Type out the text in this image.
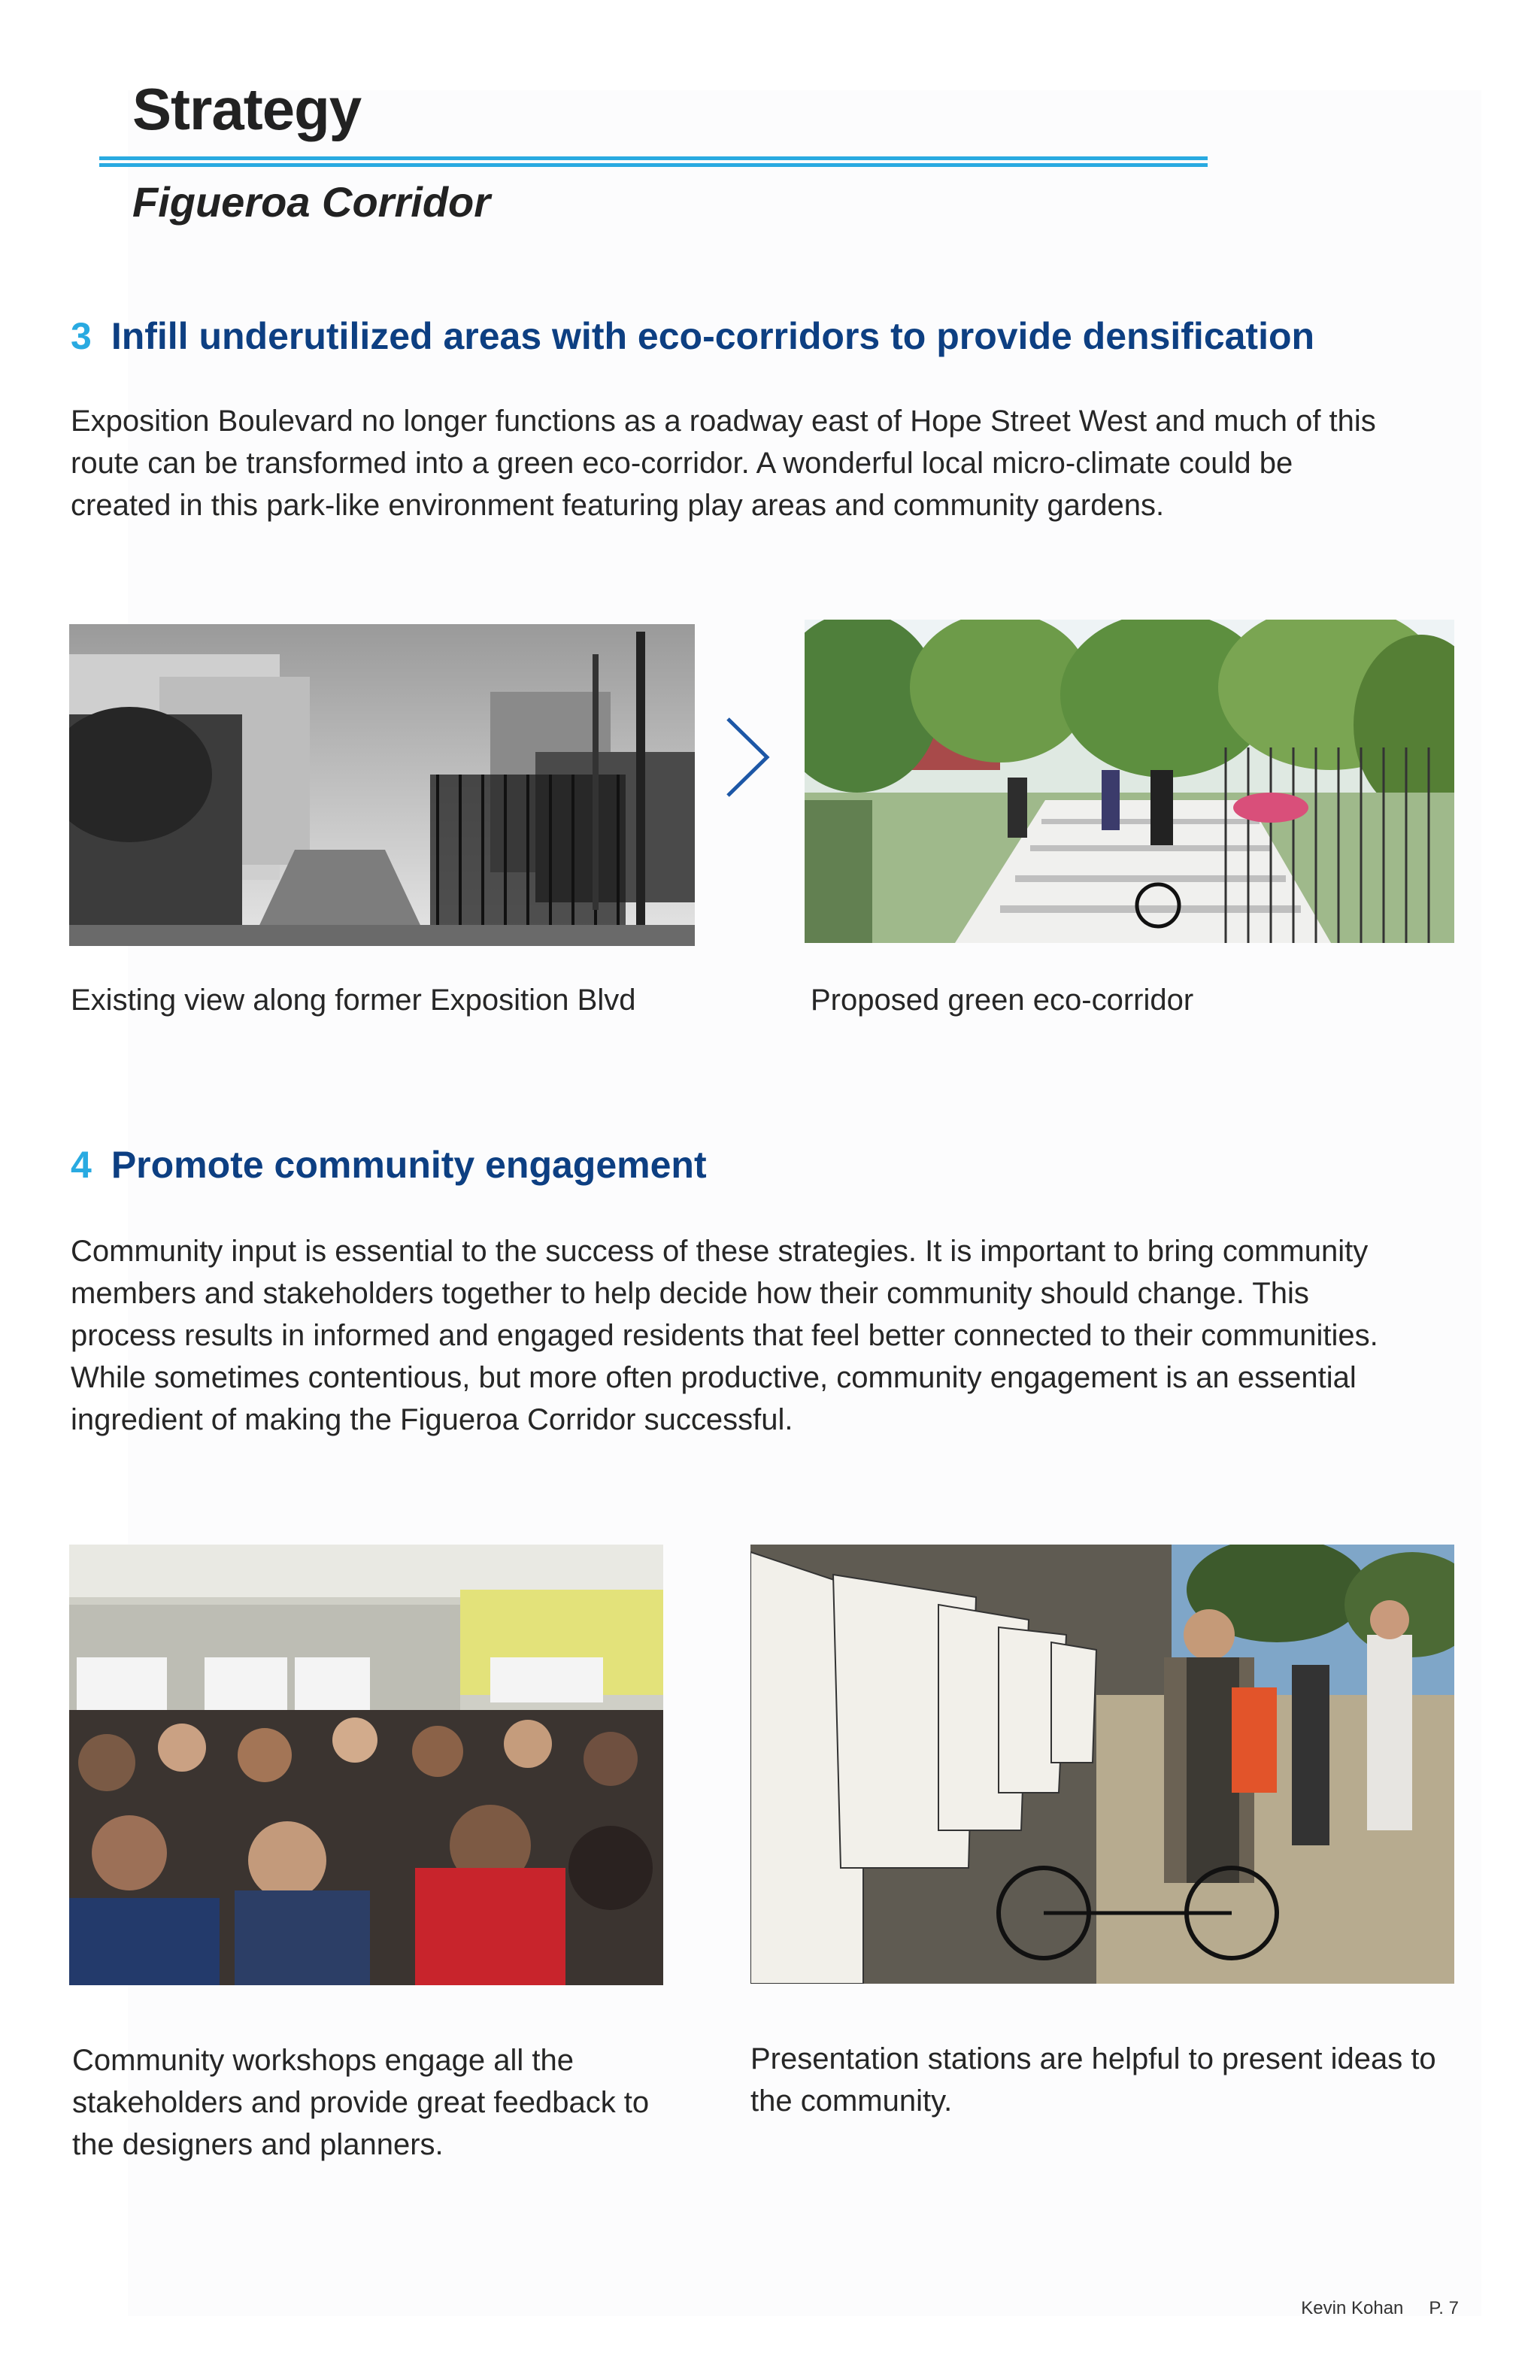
Strategy
Figueroa Corridor
3 Infill underutilized areas with eco-corridors to provide densification

Exposition Boulevard no longer functions as a roadway east of Hope Street West and much of this route can be transformed into a green eco-corridor. A wonderful local micro-climate could be created in this park-like environment featuring play areas and community gardens.

Existing view along former Exposition Blvd	Proposed green eco-corridor

4 Promote community engagement

Community input is essential to the success of these strategies. It is important to bring community members and stakeholders together to help decide how their community should change. This process results in informed and engaged residents that feel better connected to their communities. While sometimes contentious, but more often productive, community engagement is an essential ingredient of making the Figueroa Corridor successful.

Community workshops engage all the stakeholders and provide great feedback to the designers and planners.

Presentation stations are helpful to present ideas to the community.

Kevin Kohan P. 7
